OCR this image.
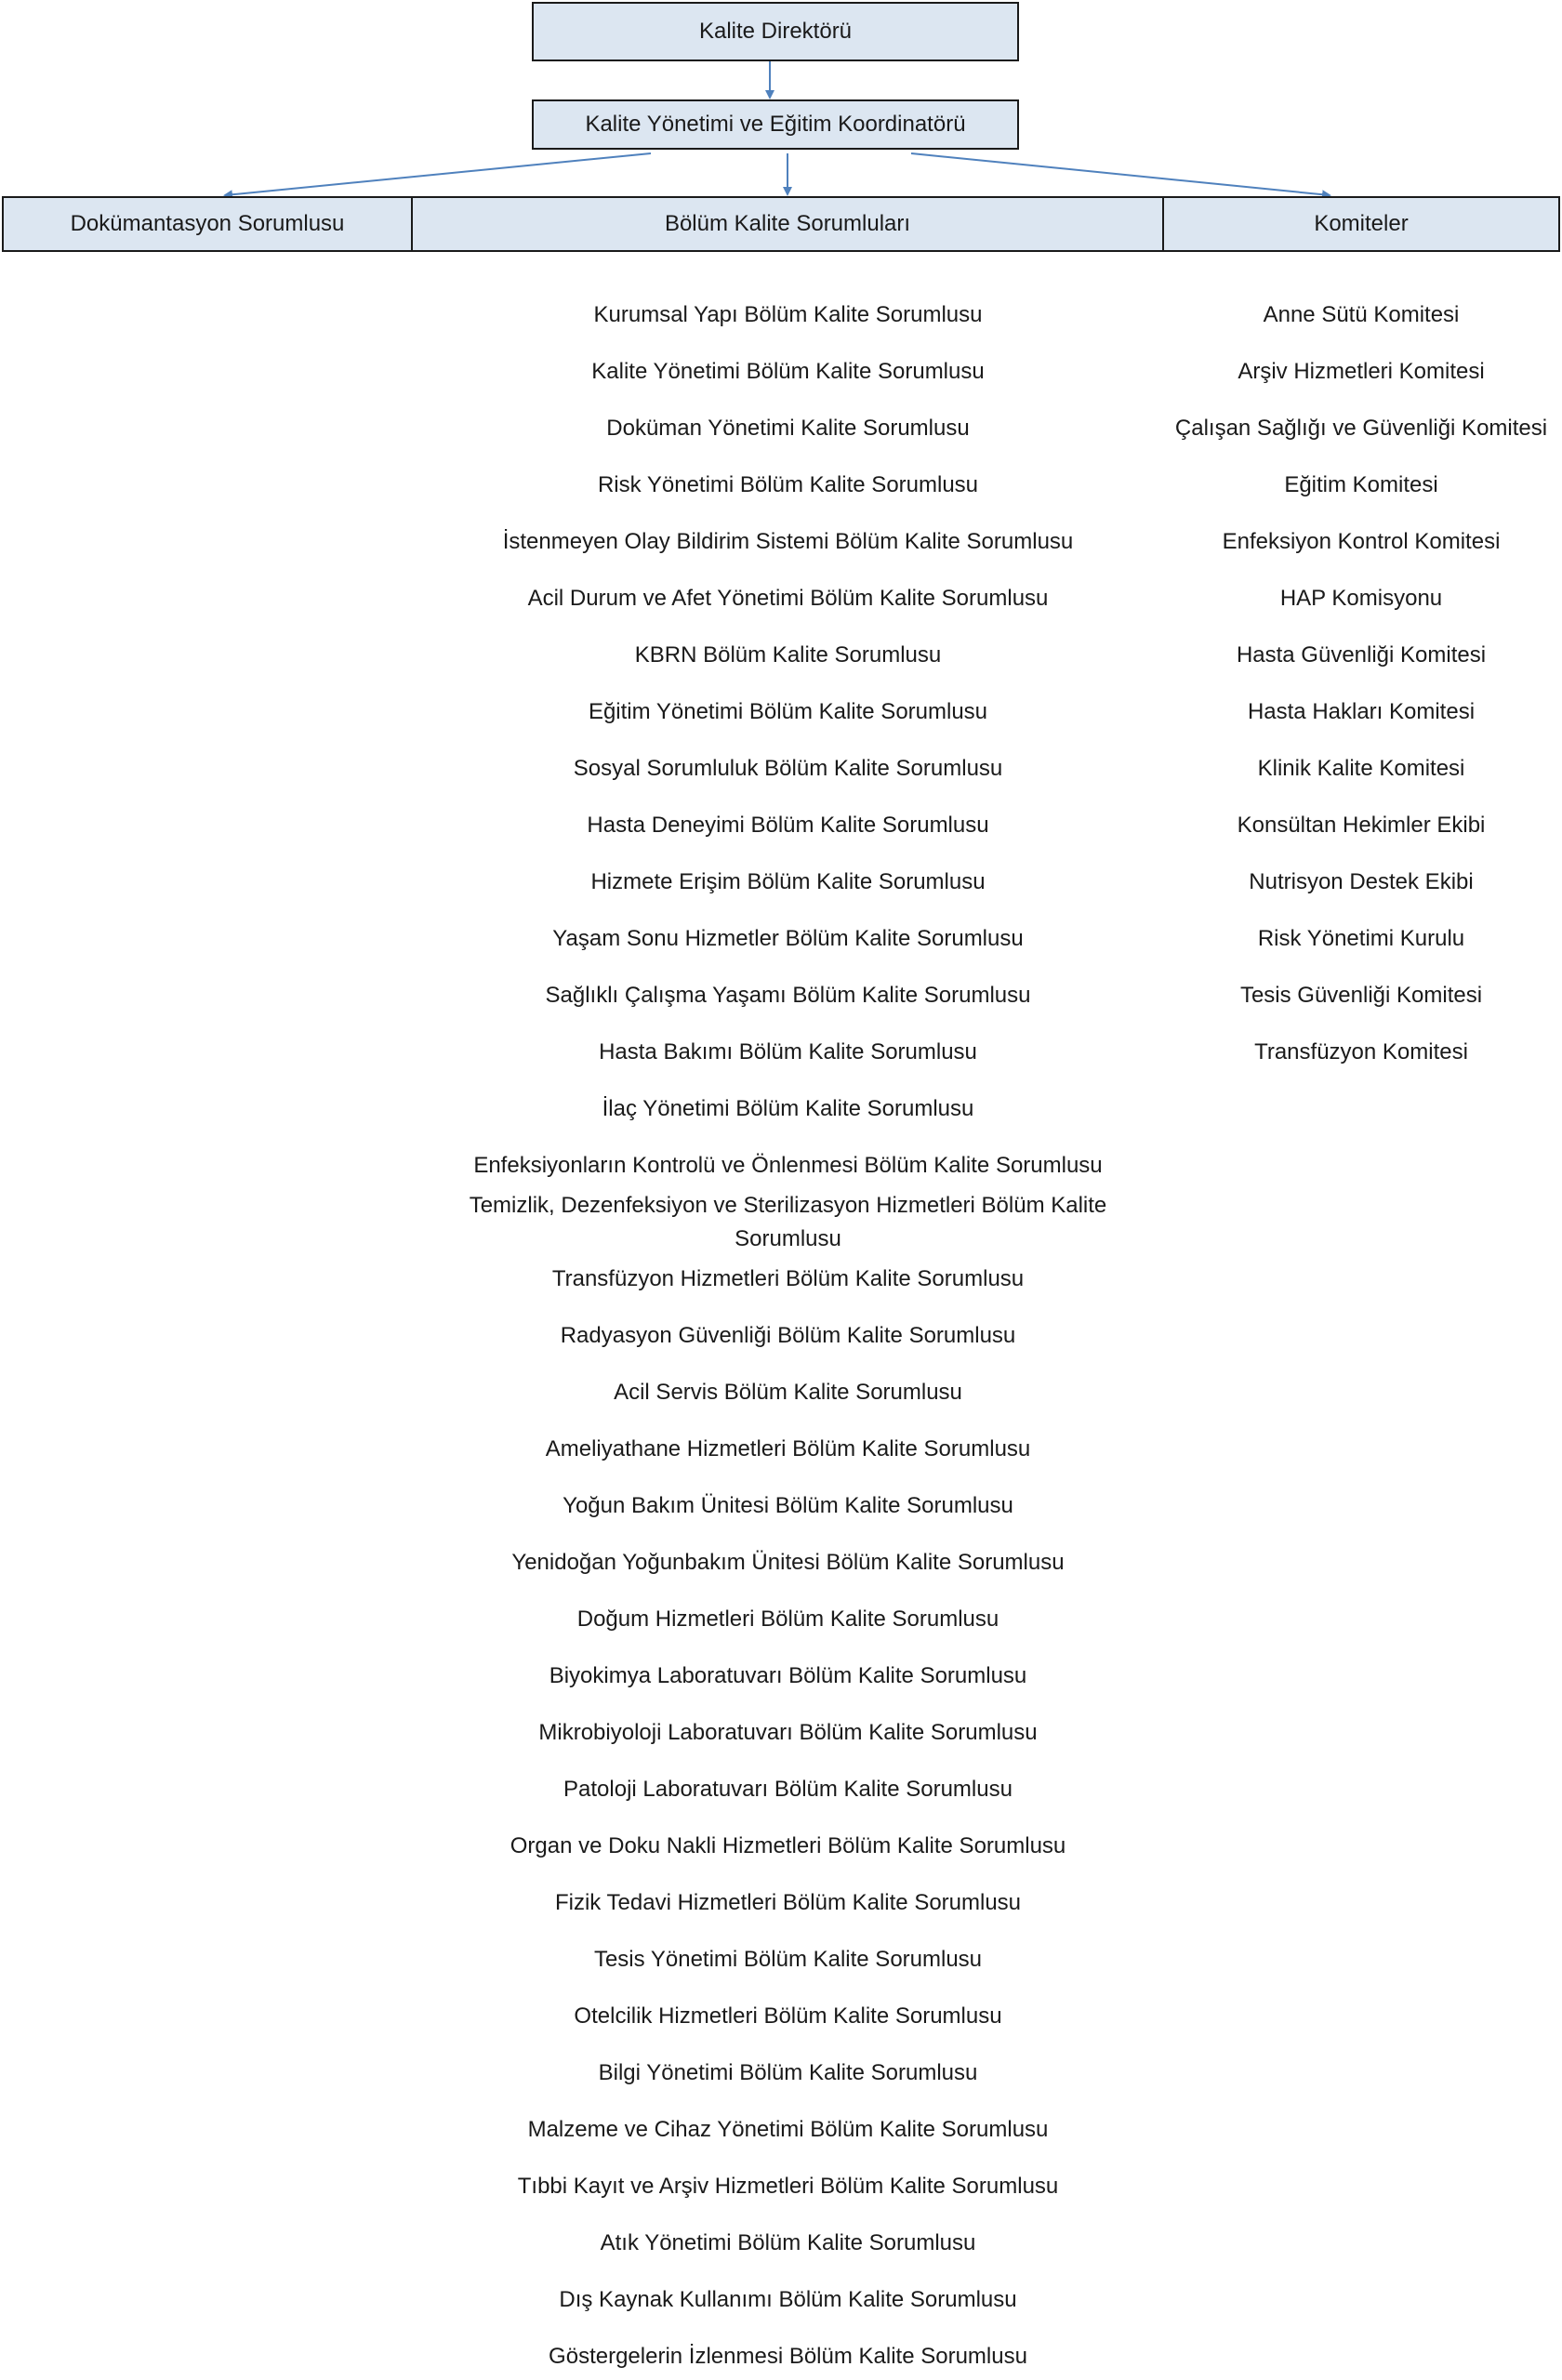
Kalite Direktörü
Kalite Yönetimi ve Eğitim Koordinatörü
Dokümantasyon Sorumlusu	Bölüm Kalite Sorumluları	Komiteler
Kurumsal Yapı Bölüm Kalite Sorumlusu
Kalite Yönetimi Bölüm Kalite Sorumlusu
Doküman Yönetimi Kalite Sorumlusu
Risk Yönetimi Bölüm Kalite Sorumlusu
İstenmeyen Olay Bildirim Sistemi Bölüm Kalite Sorumlusu
Acil Durum ve Afet Yönetimi Bölüm Kalite Sorumlusu
KBRN Bölüm Kalite Sorumlusu
Eğitim Yönetimi Bölüm Kalite Sorumlusu
Sosyal Sorumluluk Bölüm Kalite Sorumlusu
Hasta Deneyimi Bölüm Kalite Sorumlusu
Hizmete Erişim Bölüm Kalite Sorumlusu
Yaşam Sonu Hizmetler Bölüm Kalite Sorumlusu
Sağlıklı Çalışma Yaşamı Bölüm Kalite Sorumlusu
Hasta Bakımı Bölüm Kalite Sorumlusu
İlaç Yönetimi Bölüm Kalite Sorumlusu
Enfeksiyonların Kontrolü ve Önlenmesi Bölüm Kalite Sorumlusu
Temizlik, Dezenfeksiyon ve Sterilizasyon Hizmetleri Bölüm Kalite Sorumlusu
Transfüzyon Hizmetleri Bölüm Kalite Sorumlusu
Radyasyon Güvenliği Bölüm Kalite Sorumlusu
Acil Servis Bölüm Kalite Sorumlusu
Ameliyathane Hizmetleri Bölüm Kalite Sorumlusu
Yoğun Bakım Ünitesi Bölüm Kalite Sorumlusu
Yenidoğan Yoğunbakım Ünitesi Bölüm Kalite Sorumlusu
Doğum Hizmetleri Bölüm Kalite Sorumlusu
Biyokimya Laboratuvarı Bölüm Kalite Sorumlusu
Mikrobiyoloji Laboratuvarı Bölüm Kalite Sorumlusu
Patoloji Laboratuvarı Bölüm Kalite Sorumlusu
Organ ve Doku Nakli Hizmetleri Bölüm Kalite Sorumlusu
Fizik Tedavi Hizmetleri Bölüm Kalite Sorumlusu
Tesis Yönetimi Bölüm Kalite Sorumlusu
Otelcilik Hizmetleri Bölüm Kalite Sorumlusu
Bilgi Yönetimi Bölüm Kalite Sorumlusu
Malzeme ve Cihaz Yönetimi Bölüm Kalite Sorumlusu
Tıbbi Kayıt ve Arşiv Hizmetleri Bölüm Kalite Sorumlusu
Atık Yönetimi Bölüm Kalite Sorumlusu
Dış Kaynak Kullanımı Bölüm Kalite Sorumlusu
Göstergelerin İzlenmesi Bölüm Kalite Sorumlusu
Anne Sütü Komitesi
Arşiv Hizmetleri Komitesi
Çalışan Sağlığı ve Güvenliği Komitesi
Eğitim Komitesi
Enfeksiyon Kontrol Komitesi
HAP Komisyonu
Hasta Güvenliği Komitesi
Hasta Hakları Komitesi
Klinik Kalite Komitesi
Konsültan Hekimler Ekibi
Nutrisyon Destek Ekibi
Risk Yönetimi Kurulu
Tesis Güvenliği Komitesi
Transfüzyon Komitesi
